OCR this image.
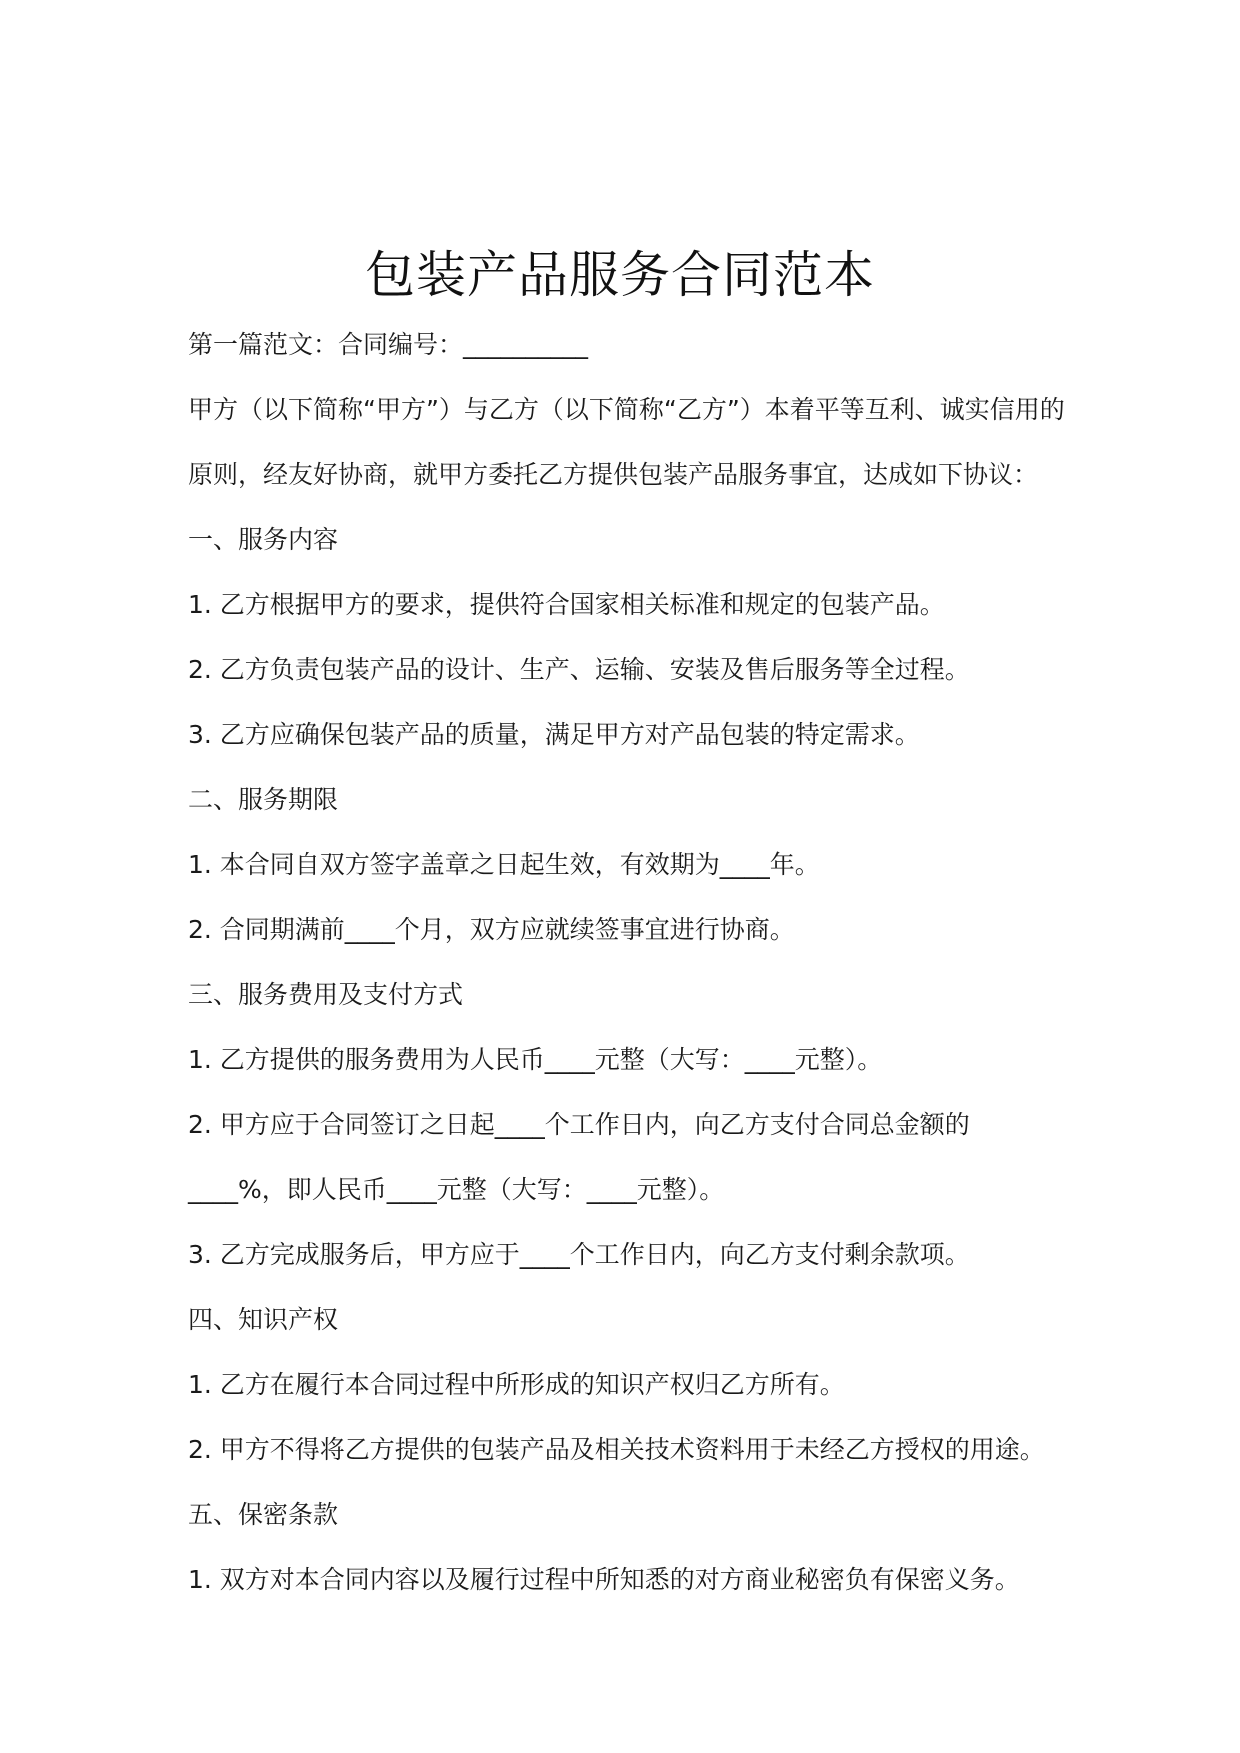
包装产品服务合同范本
第一篇范文：合同编号：__________
甲方（以下简称“甲方”）与乙方（以下简称“乙方”）本着平等互利、诚实信用的
原则，经友好协商，就甲方委托乙方提供包装产品服务事宜，达成如下协议：
一、服务内容
1. 乙方根据甲方的要求，提供符合国家相关标准和规定的包装产品。
2. 乙方负责包装产品的设计、生产、运输、安装及售后服务等全过程。
3. 乙方应确保包装产品的质量，满足甲方对产品包装的特定需求。
二、服务期限
1. 本合同自双方签字盖章之日起生效，有效期为____年。
2. 合同期满前____个月，双方应就续签事宜进行协商。
三、服务费用及支付方式
1. 乙方提供的服务费用为人民币____元整（大写：____元整）。
2. 甲方应于合同签订之日起____个工作日内，向乙方支付合同总金额的
____%，即人民币____元整（大写：____元整）。
3. 乙方完成服务后，甲方应于____个工作日内，向乙方支付剩余款项。
四、知识产权
1. 乙方在履行本合同过程中所形成的知识产权归乙方所有。
2. 甲方不得将乙方提供的包装产品及相关技术资料用于未经乙方授权的用途。
五、保密条款
1. 双方对本合同内容以及履行过程中所知悉的对方商业秘密负有保密义务。
